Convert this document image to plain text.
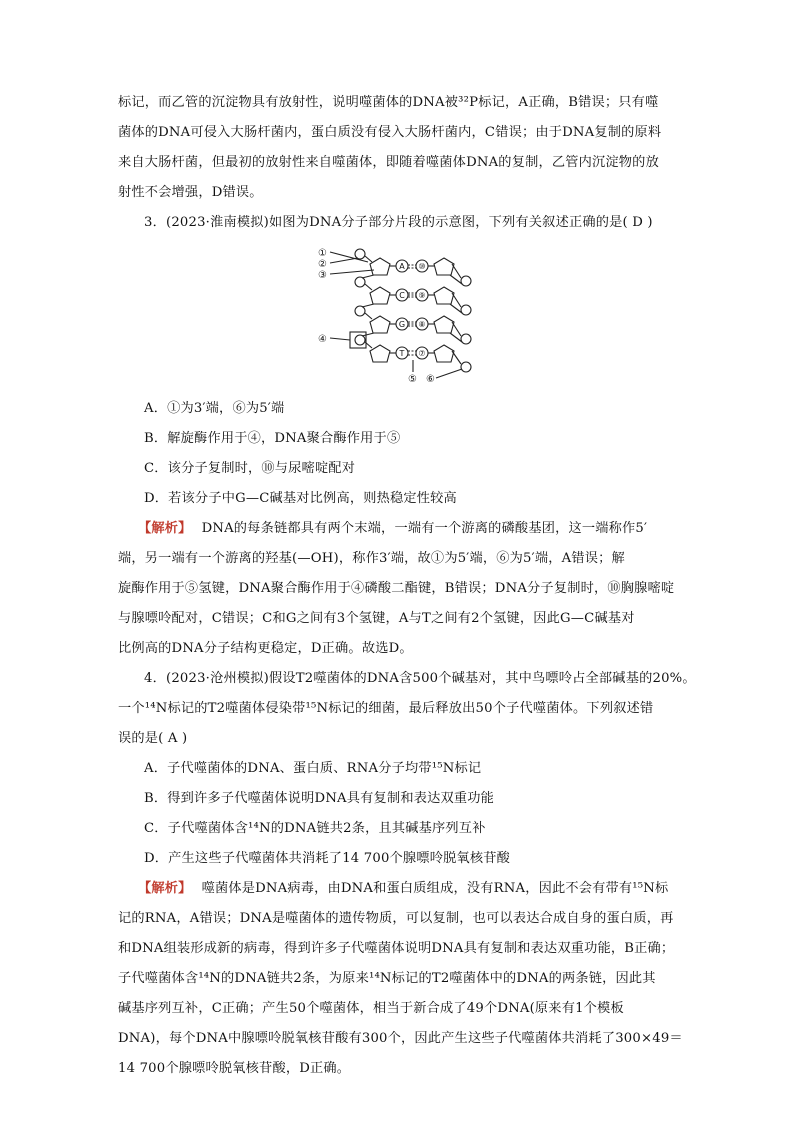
标记，而乙管的沉淀物具有放射性，说明噬菌体的DNA被³²P标记，A正确，B错误；只有噬
菌体的DNA可侵入大肠杆菌内，蛋白质没有侵入大肠杆菌内，C错误；由于DNA复制的原料
来自大肠杆菌，但最初的放射性来自噬菌体，即随着噬菌体DNA的复制，乙管内沉淀物的放
射性不会增强，D错误。
3．(2023·淮南模拟)如图为DNA分子部分片段的示意图，下列有关叙述正确的是( D )
A
C
G
T
⑩
⑨
⑧
⑦
①
②
③
④
⑤ ⑥
A．①为3′端，⑥为5′端
B．解旋酶作用于④，DNA聚合酶作用于⑤
C．该分子复制时，⑩与尿嘧啶配对
D．若该分子中G—C碱基对比例高，则热稳定性较高
【解析】 DNA的每条链都具有两个末端，一端有一个游离的磷酸基团，这一端称作5′
端，另一端有一个游离的羟基(—OH)，称作3′端，故①为5′端，⑥为5′端，A错误；解
旋酶作用于⑤氢键，DNA聚合酶作用于④磷酸二酯键，B错误；DNA分子复制时，⑩胸腺嘧啶
与腺嘌呤配对，C错误；C和G之间有3个氢键，A与T之间有2个氢键，因此G—C碱基对
比例高的DNA分子结构更稳定，D正确。故选D。
4．(2023·沧州模拟)假设T2噬菌体的DNA含500个碱基对，其中鸟嘌呤占全部碱基的20%。
一个¹⁴N标记的T2噬菌体侵染带¹⁵N标记的细菌，最后释放出50个子代噬菌体。下列叙述错
误的是( A )
A．子代噬菌体的DNA、蛋白质、RNA分子均带¹⁵N标记
B．得到许多子代噬菌体说明DNA具有复制和表达双重功能
C．子代噬菌体含¹⁴N的DNA链共2条，且其碱基序列互补
D．产生这些子代噬菌体共消耗了14 700个腺嘌呤脱氧核苷酸
【解析】 噬菌体是DNA病毒，由DNA和蛋白质组成，没有RNA，因此不会有带有¹⁵N标
记的RNA，A错误；DNA是噬菌体的遗传物质，可以复制，也可以表达合成自身的蛋白质，再
和DNA组装形成新的病毒，得到许多子代噬菌体说明DNA具有复制和表达双重功能，B正确；
子代噬菌体含¹⁴N的DNA链共2条，为原来¹⁴N标记的T2噬菌体中的DNA的两条链，因此其
碱基序列互补，C正确；产生50个噬菌体，相当于新合成了49个DNA(原来有1个模板
DNA)，每个DNA中腺嘌呤脱氧核苷酸有300个，因此产生这些子代噬菌体共消耗了300×49＝
14 700个腺嘌呤脱氧核苷酸，D正确。
